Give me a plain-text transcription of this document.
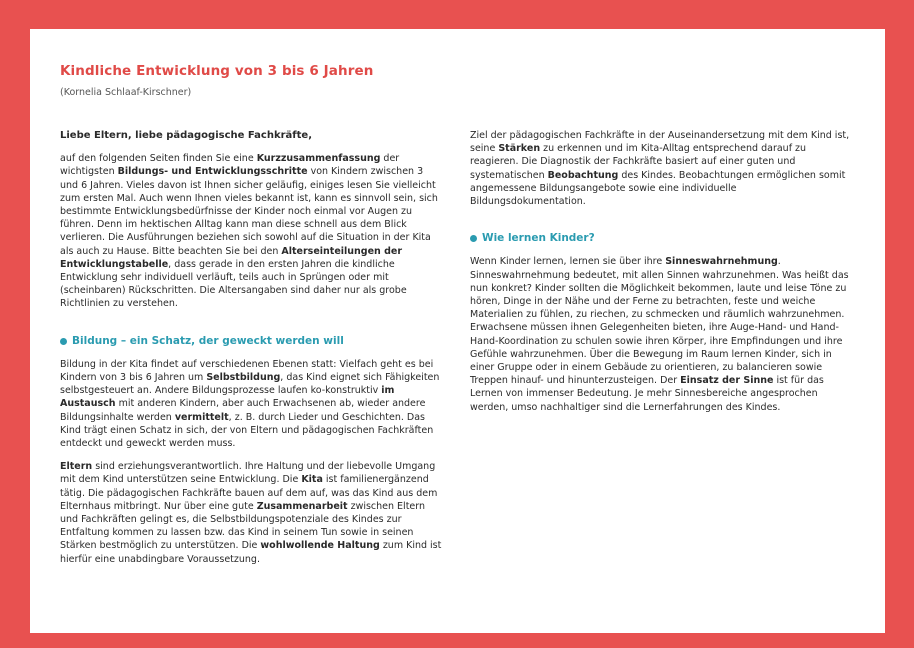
Kindliche Entwicklung von 3 bis 6 Jahren
(Kornelia Schlaaf-Kirschner)

Liebe Eltern, liebe pädagogische Fachkräfte,

auf den folgenden Seiten finden Sie eine Kurzzusammenfassung der wichtigsten Bildungs- und Entwicklungsschritte von Kindern zwischen 3 und 6 Jahren. Vieles davon ist Ihnen sicher geläufig, einiges lesen Sie vielleicht zum ersten Mal. Auch wenn Ihnen vieles bekannt ist, kann es sinnvoll sein, sich bestimmte Entwicklungsbedürfnisse der Kinder noch einmal vor Augen zu führen. Denn im hektischen Alltag kann man diese schnell aus dem Blick verlieren. Die Ausführungen beziehen sich sowohl auf die Situation in der Kita als auch zu Hause. Bitte beachten Sie bei den Alterseinteilungen der Entwicklungstabelle, dass gerade in den ersten Jahren die kindliche Entwicklung sehr individuell verläuft, teils auch in Sprüngen oder mit (scheinbaren) Rückschritten. Die Altersangaben sind daher nur als grobe Richtlinien zu verstehen.

Bildung – ein Schatz, der geweckt werden will

Bildung in der Kita findet auf verschiedenen Ebenen statt: Vielfach geht es bei Kindern von 3 bis 6 Jahren um Selbstbildung, das Kind eignet sich Fähigkeiten selbstgesteuert an. Andere Bildungsprozesse laufen ko-konstruktiv im Austausch mit anderen Kindern, aber auch Erwachsenen ab, wieder andere Bildungsinhalte werden vermittelt, z. B. durch Lieder und Geschichten. Das Kind trägt einen Schatz in sich, der von Eltern und pädagogischen Fachkräften entdeckt und geweckt werden muss.

Eltern sind erziehungsverantwortlich. Ihre Haltung und der liebevolle Umgang mit dem Kind unterstützen seine Entwicklung. Die Kita ist familienergänzend tätig. Die pädagogischen Fachkräfte bauen auf dem auf, was das Kind aus dem Elternhaus mitbringt. Nur über eine gute Zusammenarbeit zwischen Eltern und Fachkräften gelingt es, die Selbstbildungspotenziale des Kindes zur Entfaltung kommen zu lassen bzw. das Kind in seinem Tun sowie in seinen Stärken bestmöglich zu unterstützen. Die wohlwollende Haltung zum Kind ist hierfür eine unabdingbare Voraussetzung.

Ziel der pädagogischen Fachkräfte in der Auseinandersetzung mit dem Kind ist, seine Stärken zu erkennen und im Kita-Alltag entsprechend darauf zu reagieren. Die Diagnostik der Fachkräfte basiert auf einer guten und systematischen Beobachtung des Kindes. Beobachtungen ermöglichen somit angemessene Bildungsangebote sowie eine individuelle Bildungsdokumentation.

Wie lernen Kinder?

Wenn Kinder lernen, lernen sie über ihre Sinneswahrnehmung. Sinneswahrnehmung bedeutet, mit allen Sinnen wahrzunehmen. Was heißt das nun konkret? Kinder sollten die Möglichkeit bekommen, laute und leise Töne zu hören, Dinge in der Nähe und der Ferne zu betrachten, feste und weiche Materialien zu fühlen, zu riechen, zu schmecken und räumlich wahrzunehmen. Erwachsene müssen ihnen Gelegenheiten bieten, ihre Auge-Hand- und Hand-Hand-Koordination zu schulen sowie ihren Körper, ihre Empfindungen und ihre Gefühle wahrzunehmen. Über die Bewegung im Raum lernen Kinder, sich in einer Gruppe oder in einem Gebäude zu orientieren, zu balancieren sowie Treppen hinauf- und hinunterzusteigen. Der Einsatz der Sinne ist für das Lernen von immenser Bedeutung. Je mehr Sinnesbereiche angesprochen werden, umso nachhaltiger sind die Lernerfahrungen des Kindes.
